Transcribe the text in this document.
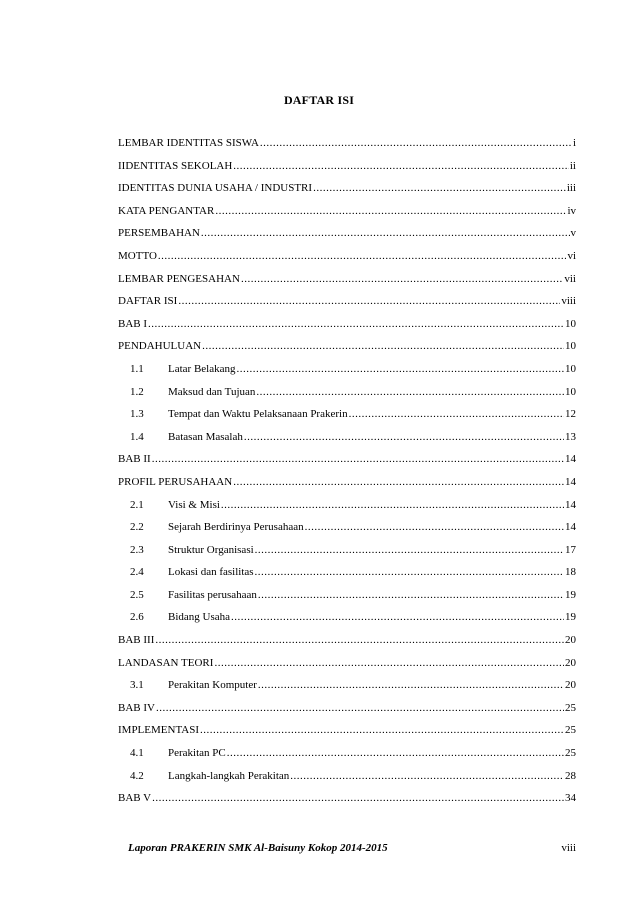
DAFTAR ISI
LEMBAR IDENTITAS SISWA .....	i
IIDENTITAS SEKOLAH .....	ii
IDENTITAS DUNIA USAHA / INDUSTRI .....	iii
KATA PENGANTAR .....	iv
PERSEMBAHAN .....	v
MOTTO .....	vi
LEMBAR PENGESAHAN .....	vii
DAFTAR ISI .....	viii
BAB I .....	10
PENDAHULUAN .....	10
1.1	Latar Belakang .....	10
1.2	Maksud dan Tujuan .....	10
1.3	Tempat dan Waktu Pelaksanaan Prakerin .....	12
1.4	Batasan Masalah .....	13
BAB II .....	14
PROFIL PERUSAHAAN .....	14
2.1	Visi & Misi .....	14
2.2	Sejarah Berdirinya Perusahaan .....	14
2.3	Struktur Organisasi .....	17
2.4	Lokasi dan fasilitas .....	18
2.5	Fasilitas perusahaan .....	19
2.6	Bidang Usaha .....	19
BAB III .....	20
LANDASAN TEORI .....	20
3.1	Perakitan Komputer .....	20
BAB IV .....	25
IMPLEMENTASI .....	25
4.1	Perakitan PC .....	25
4.2	Langkah-langkah Perakitan .....	28
BAB V .....	34
Laporan PRAKERIN SMK Al-Baisuny Kokop 2014-2015	viii
